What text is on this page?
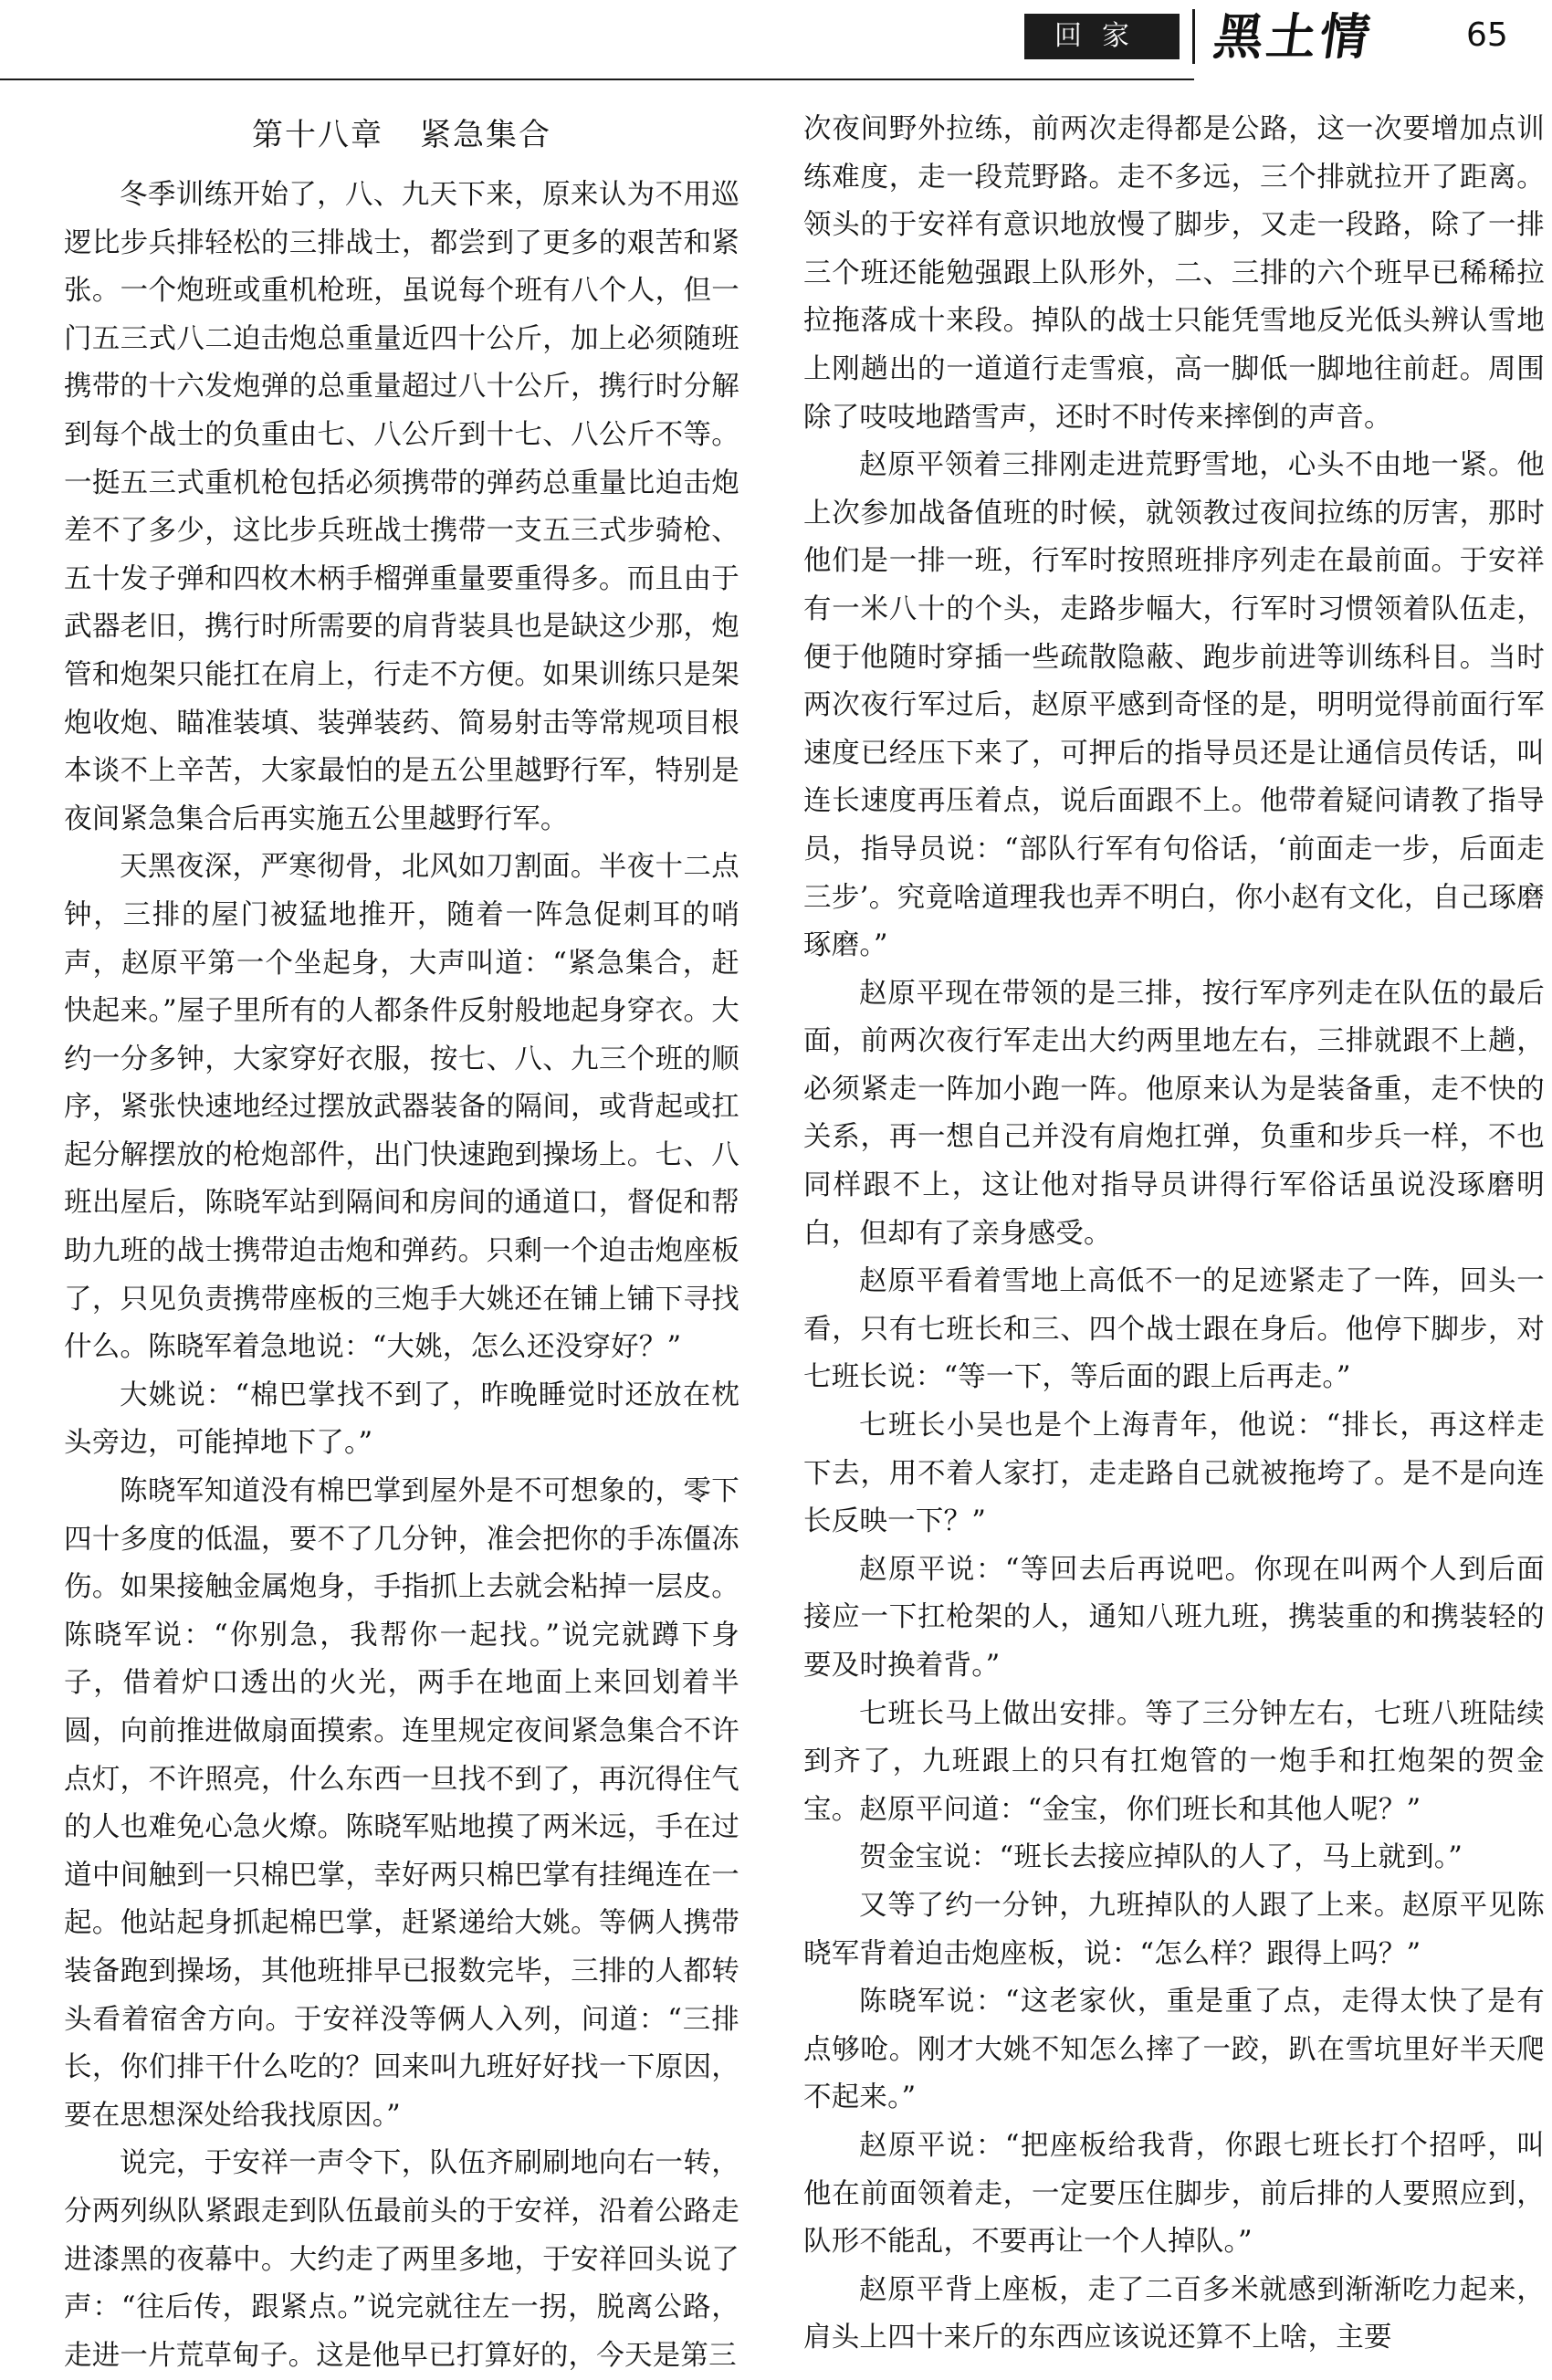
回家	黑土情	65
第十八章 紧急集合

冬季训练开始了，八、九天下来，原来认为不用巡逻比步兵排轻松的三排战士，都尝到了更多的艰苦和紧张。一个炮班或重机枪班，虽说每个班有八个人，但一门五三式八二迫击炮总重量近四十公斤，加上必须随班携带的十六发炮弹的总重量超过八十公斤，携行时分解到每个战士的负重由七、八公斤到十七、八公斤不等。一挺五三式重机枪包括必须携带的弹药总重量比迫击炮差不了多少，这比步兵班战士携带一支五三式步骑枪、五十发子弹和四枚木柄手榴弹重量要重得多。而且由于武器老旧，携行时所需要的肩背装具也是缺这少那，炮管和炮架只能扛在肩上，行走不方便。如果训练只是架炮收炮、瞄准装填、装弹装药、简易射击等常规项目根本谈不上辛苦，大家最怕的是五公里越野行军，特别是夜间紧急集合后再实施五公里越野行军。

天黑夜深，严寒彻骨，北风如刀割面。半夜十二点钟，三排的屋门被猛地推开，随着一阵急促刺耳的哨声，赵原平第一个坐起身，大声叫道：“紧急集合，赶快起来。”屋子里所有的人都条件反射般地起身穿衣。大约一分多钟，大家穿好衣服，按七、八、九三个班的顺序，紧张快速地经过摆放武器装备的隔间，或背起或扛起分解摆放的枪炮部件，出门快速跑到操场上。七、八班出屋后，陈晓军站到隔间和房间的通道口，督促和帮助九班的战士携带迫击炮和弹药。只剩一个迫击炮座板了，只见负责携带座板的三炮手大姚还在铺上铺下寻找什么。陈晓军着急地说：“大姚，怎么还没穿好？”

大姚说：“棉巴掌找不到了，昨晚睡觉时还放在枕头旁边，可能掉地下了。”

陈晓军知道没有棉巴掌到屋外是不可想象的，零下四十多度的低温，要不了几分钟，准会把你的手冻僵冻伤。如果接触金属炮身，手指抓上去就会粘掉一层皮。陈晓军说：“你别急，我帮你一起找。”说完就蹲下身子，借着炉口透出的火光，两手在地面上来回划着半圆，向前推进做扇面摸索。连里规定夜间紧急集合不许点灯，不许照亮，什么东西一旦找不到了，再沉得住气的人也难免心急火燎。陈晓军贴地摸了两米远，手在过道中间触到一只棉巴掌，幸好两只棉巴掌有挂绳连在一起。他站起身抓起棉巴掌，赶紧递给大姚。等俩人携带装备跑到操场，其他班排早已报数完毕，三排的人都转头看着宿舍方向。于安祥没等俩人入列，问道：“三排长，你们排干什么吃的？回来叫九班好好找一下原因，要在思想深处给我找原因。”

说完，于安祥一声令下，队伍齐刷刷地向右一转，分两列纵队紧跟走到队伍最前头的于安祥，沿着公路走进漆黑的夜幕中。大约走了两里多地，于安祥回头说了声：“往后传，跟紧点。”说完就往左一拐，脱离公路，走进一片荒草甸子。这是他早已打算好的，今天是第三

次夜间野外拉练，前两次走得都是公路，这一次要增加点训练难度，走一段荒野路。走不多远，三个排就拉开了距离。领头的于安祥有意识地放慢了脚步，又走一段路，除了一排三个班还能勉强跟上队形外，二、三排的六个班早已稀稀拉拉拖落成十来段。掉队的战士只能凭雪地反光低头辨认雪地上刚趟出的一道道行走雪痕，高一脚低一脚地往前赶。周围除了吱吱地踏雪声，还时不时传来摔倒的声音。

赵原平领着三排刚走进荒野雪地，心头不由地一紧。他上次参加战备值班的时候，就领教过夜间拉练的厉害，那时他们是一排一班，行军时按照班排序列走在最前面。于安祥有一米八十的个头，走路步幅大，行军时习惯领着队伍走，便于他随时穿插一些疏散隐蔽、跑步前进等训练科目。当时两次夜行军过后，赵原平感到奇怪的是，明明觉得前面行军速度已经压下来了，可押后的指导员还是让通信员传话，叫连长速度再压着点，说后面跟不上。他带着疑问请教了指导员，指导员说：“部队行军有句俗话，‘前面走一步，后面走三步’。究竟啥道理我也弄不明白，你小赵有文化，自己琢磨琢磨。”

赵原平现在带领的是三排，按行军序列走在队伍的最后面，前两次夜行军走出大约两里地左右，三排就跟不上趟，必须紧走一阵加小跑一阵。他原来认为是装备重，走不快的关系，再一想自己并没有肩炮扛弹，负重和步兵一样，不也同样跟不上，这让他对指导员讲得行军俗话虽说没琢磨明白，但却有了亲身感受。

赵原平看着雪地上高低不一的足迹紧走了一阵，回头一看，只有七班长和三、四个战士跟在身后。他停下脚步，对七班长说：“等一下，等后面的跟上后再走。”

七班长小吴也是个上海青年，他说：“排长，再这样走下去，用不着人家打，走走路自己就被拖垮了。是不是向连长反映一下？”

赵原平说：“等回去后再说吧。你现在叫两个人到后面接应一下扛枪架的人，通知八班九班，携装重的和携装轻的要及时换着背。”

七班长马上做出安排。等了三分钟左右，七班八班陆续到齐了，九班跟上的只有扛炮管的一炮手和扛炮架的贺金宝。赵原平问道：“金宝，你们班长和其他人呢？”

贺金宝说：“班长去接应掉队的人了，马上就到。”

又等了约一分钟，九班掉队的人跟了上来。赵原平见陈晓军背着迫击炮座板，说：“怎么样？跟得上吗？”

陈晓军说：“这老家伙，重是重了点，走得太快了是有点够呛。刚才大姚不知怎么摔了一跤，趴在雪坑里好半天爬不起来。”

赵原平说：“把座板给我背，你跟七班长打个招呼，叫他在前面领着走，一定要压住脚步，前后排的人要照应到，队形不能乱，不要再让一个人掉队。”

赵原平背上座板，走了二百多米就感到渐渐吃力起来，肩头上四十来斤的东西应该说还算不上啥，主要
